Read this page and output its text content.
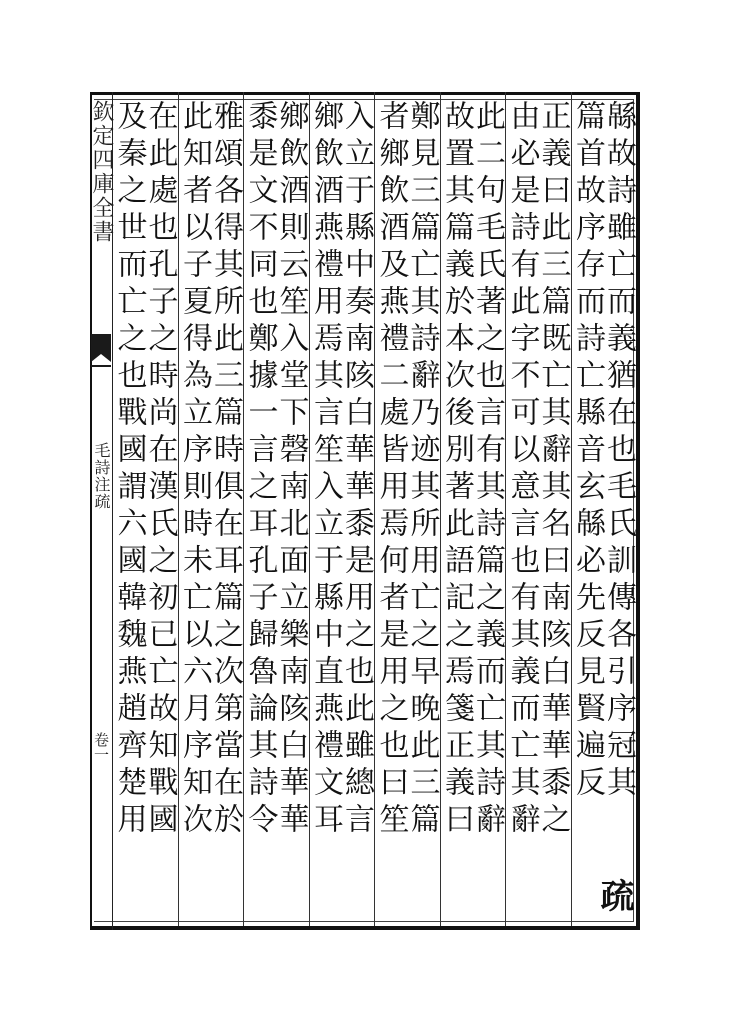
欽定四庫全書
毛詩注疏
卷一	緜故詩雖亡而義猶在也毛氏訓傳各引序冠其
篇首故序存而詩亡縣音玄緜必先反見賢遍反
疏
正義曰此三篇既亡其辭其名曰南陔白華華黍之
由必是詩有此字不可以意言也有其義而亡其辭
此二句毛氏著之也言有其詩篇之義而亡其詩辭
故置其篇義於本次後別著此語記之焉箋正義曰
鄭見三篇亡其詩辭乃迹其所用亡之早晚此三篇
者鄉飲酒及燕禮二處皆用焉何者是用之也曰笙
入立于縣中奏南陔白華華黍是用之也此雖總言
鄉飲酒燕禮用焉其言笙入立于縣中直燕禮文耳
鄉飲酒則云笙入堂下磬南北面立樂南陔白華華
黍是文不同也鄭據一言之耳孔子歸魯論其詩令
雅頌各得其所此三篇時俱在耳篇之次第當在於
此知者以子夏得為立序則時未亡以六月序知次
在此處也孔子之時尚在漢氏之初已亡故知戰國
及秦之世而亡之也戰國謂六國韓魏燕趙齊楚用
